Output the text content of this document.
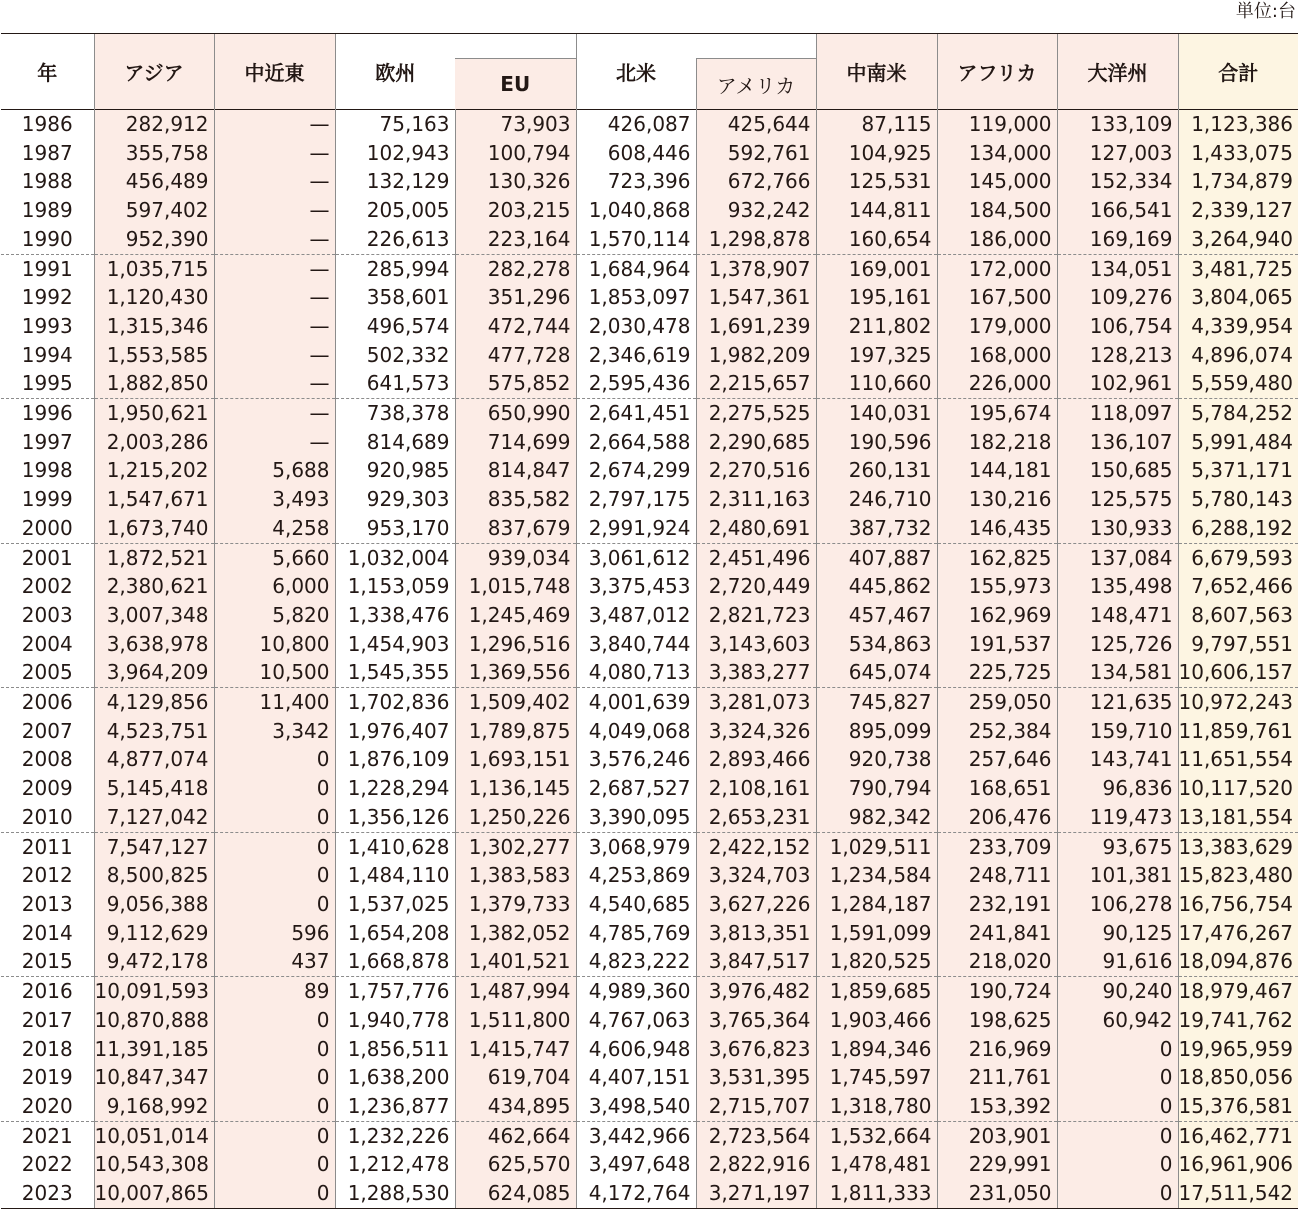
単位:台
年	アジア	中近東	欧州		北米		中南米	アフリカ	大洋州	合計
				EU		アメリカ				
1986	282,912	—	75,163	73,903	426,087	425,644	87,115	119,000	133,109	1,123,386
1987	355,758	—	102,943	100,794	608,446	592,761	104,925	134,000	127,003	1,433,075
1988	456,489	—	132,129	130,326	723,396	672,766	125,531	145,000	152,334	1,734,879
1989	597,402	—	205,005	203,215	1,040,868	932,242	144,811	184,500	166,541	2,339,127
1990	952,390	—	226,613	223,164	1,570,114	1,298,878	160,654	186,000	169,169	3,264,940
1991	1,035,715	—	285,994	282,278	1,684,964	1,378,907	169,001	172,000	134,051	3,481,725
1992	1,120,430	—	358,601	351,296	1,853,097	1,547,361	195,161	167,500	109,276	3,804,065
1993	1,315,346	—	496,574	472,744	2,030,478	1,691,239	211,802	179,000	106,754	4,339,954
1994	1,553,585	—	502,332	477,728	2,346,619	1,982,209	197,325	168,000	128,213	4,896,074
1995	1,882,850	—	641,573	575,852	2,595,436	2,215,657	110,660	226,000	102,961	5,559,480
1996	1,950,621	—	738,378	650,990	2,641,451	2,275,525	140,031	195,674	118,097	5,784,252
1997	2,003,286	—	814,689	714,699	2,664,588	2,290,685	190,596	182,218	136,107	5,991,484
1998	1,215,202	5,688	920,985	814,847	2,674,299	2,270,516	260,131	144,181	150,685	5,371,171
1999	1,547,671	3,493	929,303	835,582	2,797,175	2,311,163	246,710	130,216	125,575	5,780,143
2000	1,673,740	4,258	953,170	837,679	2,991,924	2,480,691	387,732	146,435	130,933	6,288,192
2001	1,872,521	5,660	1,032,004	939,034	3,061,612	2,451,496	407,887	162,825	137,084	6,679,593
2002	2,380,621	6,000	1,153,059	1,015,748	3,375,453	2,720,449	445,862	155,973	135,498	7,652,466
2003	3,007,348	5,820	1,338,476	1,245,469	3,487,012	2,821,723	457,467	162,969	148,471	8,607,563
2004	3,638,978	10,800	1,454,903	1,296,516	3,840,744	3,143,603	534,863	191,537	125,726	9,797,551
2005	3,964,209	10,500	1,545,355	1,369,556	4,080,713	3,383,277	645,074	225,725	134,581	10,606,157
2006	4,129,856	11,400	1,702,836	1,509,402	4,001,639	3,281,073	745,827	259,050	121,635	10,972,243
2007	4,523,751	3,342	1,976,407	1,789,875	4,049,068	3,324,326	895,099	252,384	159,710	11,859,761
2008	4,877,074	0	1,876,109	1,693,151	3,576,246	2,893,466	920,738	257,646	143,741	11,651,554
2009	5,145,418	0	1,228,294	1,136,145	2,687,527	2,108,161	790,794	168,651	96,836	10,117,520
2010	7,127,042	0	1,356,126	1,250,226	3,390,095	2,653,231	982,342	206,476	119,473	13,181,554
2011	7,547,127	0	1,410,628	1,302,277	3,068,979	2,422,152	1,029,511	233,709	93,675	13,383,629
2012	8,500,825	0	1,484,110	1,383,583	4,253,869	3,324,703	1,234,584	248,711	101,381	15,823,480
2013	9,056,388	0	1,537,025	1,379,733	4,540,685	3,627,226	1,284,187	232,191	106,278	16,756,754
2014	9,112,629	596	1,654,208	1,382,052	4,785,769	3,813,351	1,591,099	241,841	90,125	17,476,267
2015	9,472,178	437	1,668,878	1,401,521	4,823,222	3,847,517	1,820,525	218,020	91,616	18,094,876
2016	10,091,593	89	1,757,776	1,487,994	4,989,360	3,976,482	1,859,685	190,724	90,240	18,979,467
2017	10,870,888	0	1,940,778	1,511,800	4,767,063	3,765,364	1,903,466	198,625	60,942	19,741,762
2018	11,391,185	0	1,856,511	1,415,747	4,606,948	3,676,823	1,894,346	216,969	0	19,965,959
2019	10,847,347	0	1,638,200	619,704	4,407,151	3,531,395	1,745,597	211,761	0	18,850,056
2020	9,168,992	0	1,236,877	434,895	3,498,540	2,715,707	1,318,780	153,392	0	15,376,581
2021	10,051,014	0	1,232,226	462,664	3,442,966	2,723,564	1,532,664	203,901	0	16,462,771
2022	10,543,308	0	1,212,478	625,570	3,497,648	2,822,916	1,478,481	229,991	0	16,961,906
2023	10,007,865	0	1,288,530	624,085	4,172,764	3,271,197	1,811,333	231,050	0	17,511,542
